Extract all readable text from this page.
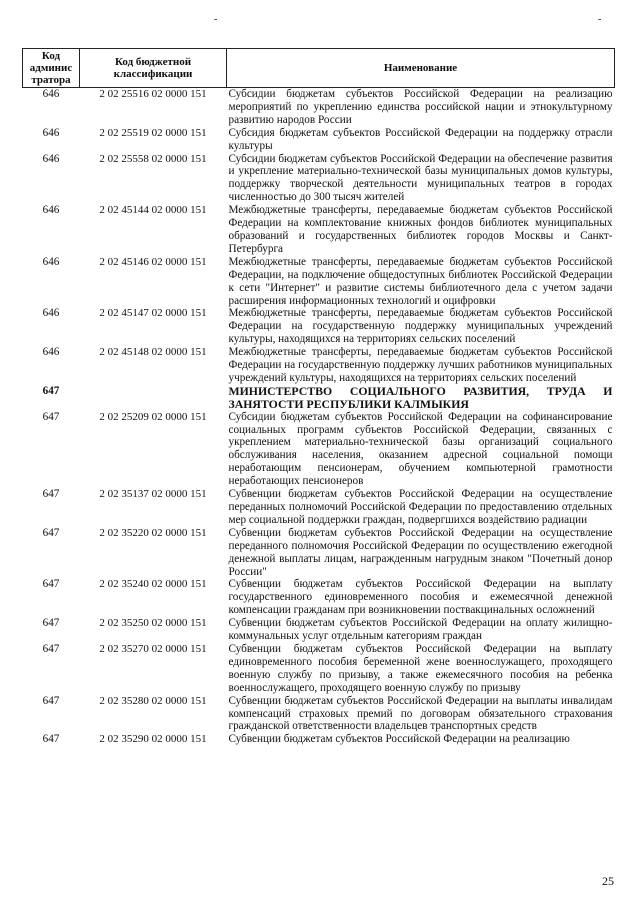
-	-
Код админис тратора	Код бюджетной классификации	Наименование
646	2 02 25516 02 0000 151	Субсидии бюджетам субъектов Российской Федерации на реализацию мероприятий по укреплению единства российской нации и этнокультурному развитию народов России
646	2 02 25519 02 0000 151	Субсидия бюджетам субъектов Российской Федерации на поддержку отрасли культуры
646	2 02 25558 02 0000 151	Субсидии бюджетам субъектов Российской Федерации на обеспечение развития и укрепление материально-технической базы муниципальных домов культуры, поддержку творческой деятельности муниципальных театров в городах численностью до 300 тысяч жителей
646	2 02 45144 02 0000 151	Межбюджетные трансферты, передаваемые бюджетам субъектов Российской Федерации на комплектование книжных фондов библиотек муниципальных образований и государственных библиотек городов Москвы и Санкт-Петербурга
646	2 02 45146 02 0000 151	Межбюджетные трансферты, передаваемые бюджетам субъектов Российской Федерации, на подключение общедоступных библиотек Российской Федерации к сети "Интернет" и развитие системы библиотечного дела с учетом задачи расширения информационных технологий и оцифровки
646	2 02 45147 02 0000 151	Межбюджетные трансферты, передаваемые бюджетам субъектов Российской Федерации на государственную поддержку муниципальных учреждений культуры, находящихся на территориях сельских поселений
646	2 02 45148 02 0000 151	Межбюджетные трансферты, передаваемые бюджетам субъектов Российской Федерации на государственную поддержку лучших работников муниципальных учреждений культуры, находящихся на территориях сельских поселений
647		МИНИСТЕРСТВО СОЦИАЛЬНОГО РАЗВИТИЯ, ТРУДА И ЗАНЯТОСТИ РЕСПУБЛИКИ КАЛМЫКИЯ
647	2 02 25209 02 0000 151	Субсидии бюджетам субъектов Российской Федерации на софинансирование социальных программ субъектов Российской Федерации, связанных с укреплением материально-технической базы организаций социального обслуживания населения, оказанием адресной социальной помощи неработающим пенсионерам, обучением компьютерной грамотности неработающих пенсионеров
647	2 02 35137 02 0000 151	Субвенции бюджетам субъектов Российской Федерации на осуществление переданных полномочий Российской Федерации по предоставлению отдельных мер социальной поддержки граждан, подвергшихся воздействию радиации
647	2 02 35220 02 0000 151	Субвенции бюджетам субъектов Российской Федерации на осуществление переданного полномочия Российской Федерации по осуществлению ежегодной денежной выплаты лицам, награжденным нагрудным знаком "Почетный донор России"
647	2 02 35240 02 0000 151	Субвенции бюджетам субъектов Российской Федерации на выплату государственного единовременного пособия и ежемесячной денежной компенсации гражданам при возникновении поствакцинальных осложнений
647	2 02 35250 02 0000 151	Субвенции бюджетам субъектов Российской Федерации на оплату жилищно-коммунальных услуг отдельным категориям граждан
647	2 02 35270 02 0000 151	Субвенции бюджетам субъектов Российской Федерации на выплату единовременного пособия беременной жене военнослужащего, проходящего военную службу по призыву, а также ежемесячного пособия на ребенка военнослужащего, проходящего военную службу по призыву
647	2 02 35280 02 0000 151	Субвенции бюджетам субъектов Российской Федерации на выплаты инвалидам компенсаций страховых премий по договорам обязательного страхования гражданской ответственности владельцев транспортных средств
647	2 02 35290 02 0000 151	Субвенции бюджетам субъектов Российской Федерации на реализацию
25
